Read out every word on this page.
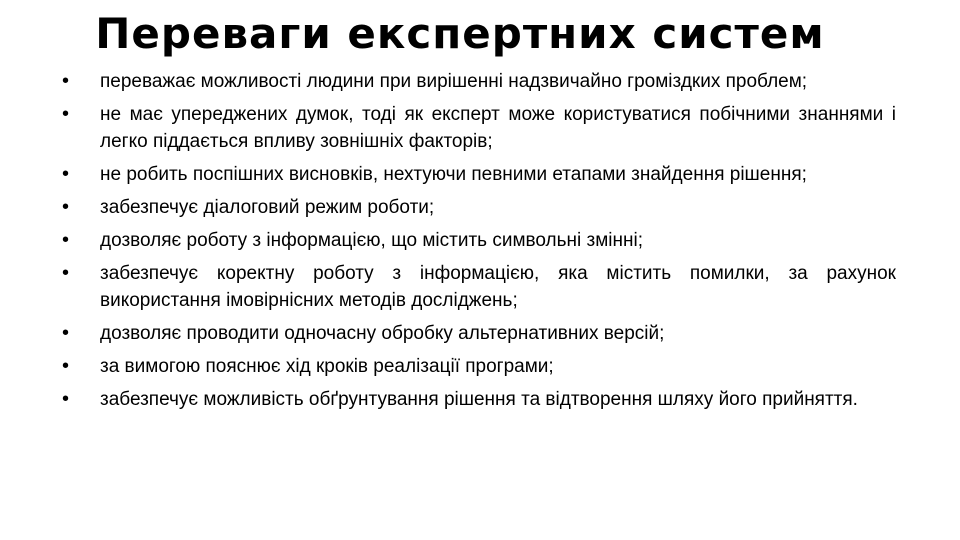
Переваги експертних систем
• переважає можливості людини при вирішенні надзвичайно громіздких проблем;
• не має упереджених думок, тоді як експерт може користуватися побічними знаннями і легко піддається впливу зовнішніх факторів;
• не робить поспішних висновків, нехтуючи певними етапами знайдення рішення;
• забезпечує діалоговий режим роботи;
• дозволяє роботу з інформацією, що містить символьні змінні;
• забезпечує коректну роботу з інформацією, яка містить помилки, за рахунок використання імовірнісних методів досліджень;
• дозволяє проводити одночасну обробку альтернативних версій;
• за вимогою пояснює хід кроків реалізації програми;
• забезпечує можливість обґрунтування рішення та відтворення шляху його прийняття.
